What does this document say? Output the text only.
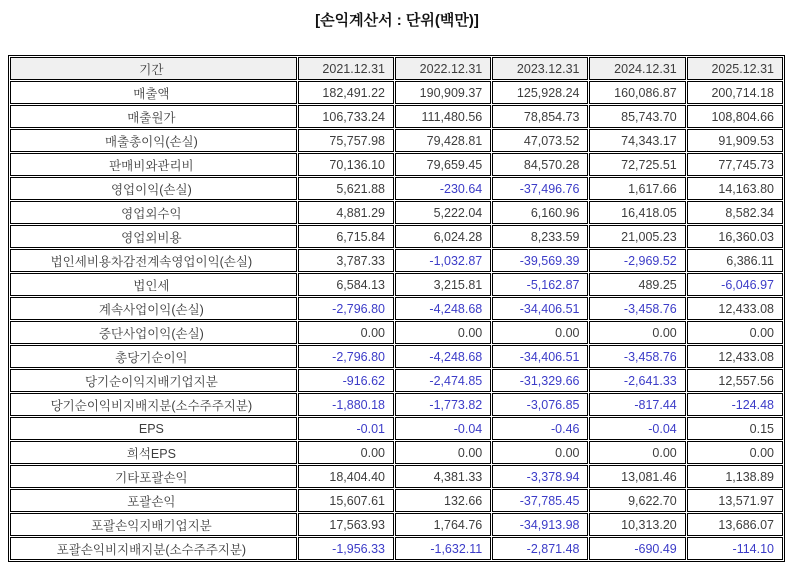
[손익계산서 : 단위(백만)]
기간	2021.12.31	2022.12.31	2023.12.31	2024.12.31	2025.12.31
매출액	182,491.22	190,909.37	125,928.24	160,086.87	200,714.18
매출원가	106,733.24	111,480.56	78,854.73	85,743.70	108,804.66
매출총이익(손실)	75,757.98	79,428.81	47,073.52	74,343.17	91,909.53
판매비와관리비	70,136.10	79,659.45	84,570.28	72,725.51	77,745.73
영업이익(손실)	5,621.88	-230.64	-37,496.76	1,617.66	14,163.80
영업외수익	4,881.29	5,222.04	6,160.96	16,418.05	8,582.34
영업외비용	6,715.84	6,024.28	8,233.59	21,005.23	16,360.03
법인세비용차감전계속영업이익(손실)	3,787.33	-1,032.87	-39,569.39	-2,969.52	6,386.11
법인세	6,584.13	3,215.81	-5,162.87	489.25	-6,046.97
계속사업이익(손실)	-2,796.80	-4,248.68	-34,406.51	-3,458.76	12,433.08
중단사업이익(손실)	0.00	0.00	0.00	0.00	0.00
총당기순이익	-2,796.80	-4,248.68	-34,406.51	-3,458.76	12,433.08
당기순이익지배기업지분	-916.62	-2,474.85	-31,329.66	-2,641.33	12,557.56
당기순이익비지배지분(소수주주지분)	-1,880.18	-1,773.82	-3,076.85	-817.44	-124.48
EPS	-0.01	-0.04	-0.46	-0.04	0.15
희석EPS	0.00	0.00	0.00	0.00	0.00
기타포괄손익	18,404.40	4,381.33	-3,378.94	13,081.46	1,138.89
포괄손익	15,607.61	132.66	-37,785.45	9,622.70	13,571.97
포괄손익지배기업지분	17,563.93	1,764.76	-34,913.98	10,313.20	13,686.07
포괄손익비지배지분(소수주주지분)	-1,956.33	-1,632.11	-2,871.48	-690.49	-114.10
